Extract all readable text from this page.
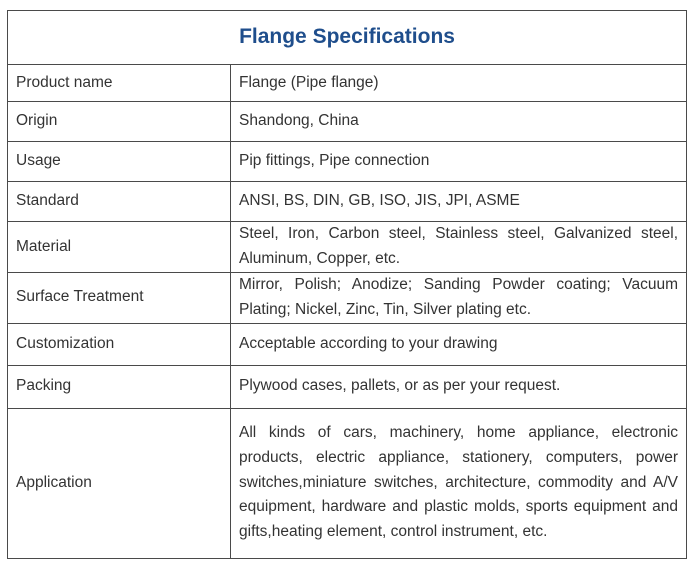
Flange Specifications	
Product name	Flange (Pipe flange)
Origin	Shandong, China
Usage	Pip fittings, Pipe connection
Standard	ANSI, BS, DIN, GB, ISO, JIS, JPI, ASME
Material	Steel, Iron, Carbon steel, Stainless steel, Galvanized steel, Aluminum, Copper, etc.
Surface Treatment	Mirror, Polish; Anodize; Sanding Powder coating; Vacuum Plating; Nickel, Zinc, Tin, Silver plating etc.
Customization	Acceptable according to your drawing
Packing	Plywood cases, pallets, or as per your request.
Application	All kinds of cars, machinery, home appliance, electronic products, electric appliance, stationery, computers, power switches,miniature switches, architecture, commodity and A/V equipment, hardware and plastic molds, sports equipment and gifts,heating element, control instrument, etc.
